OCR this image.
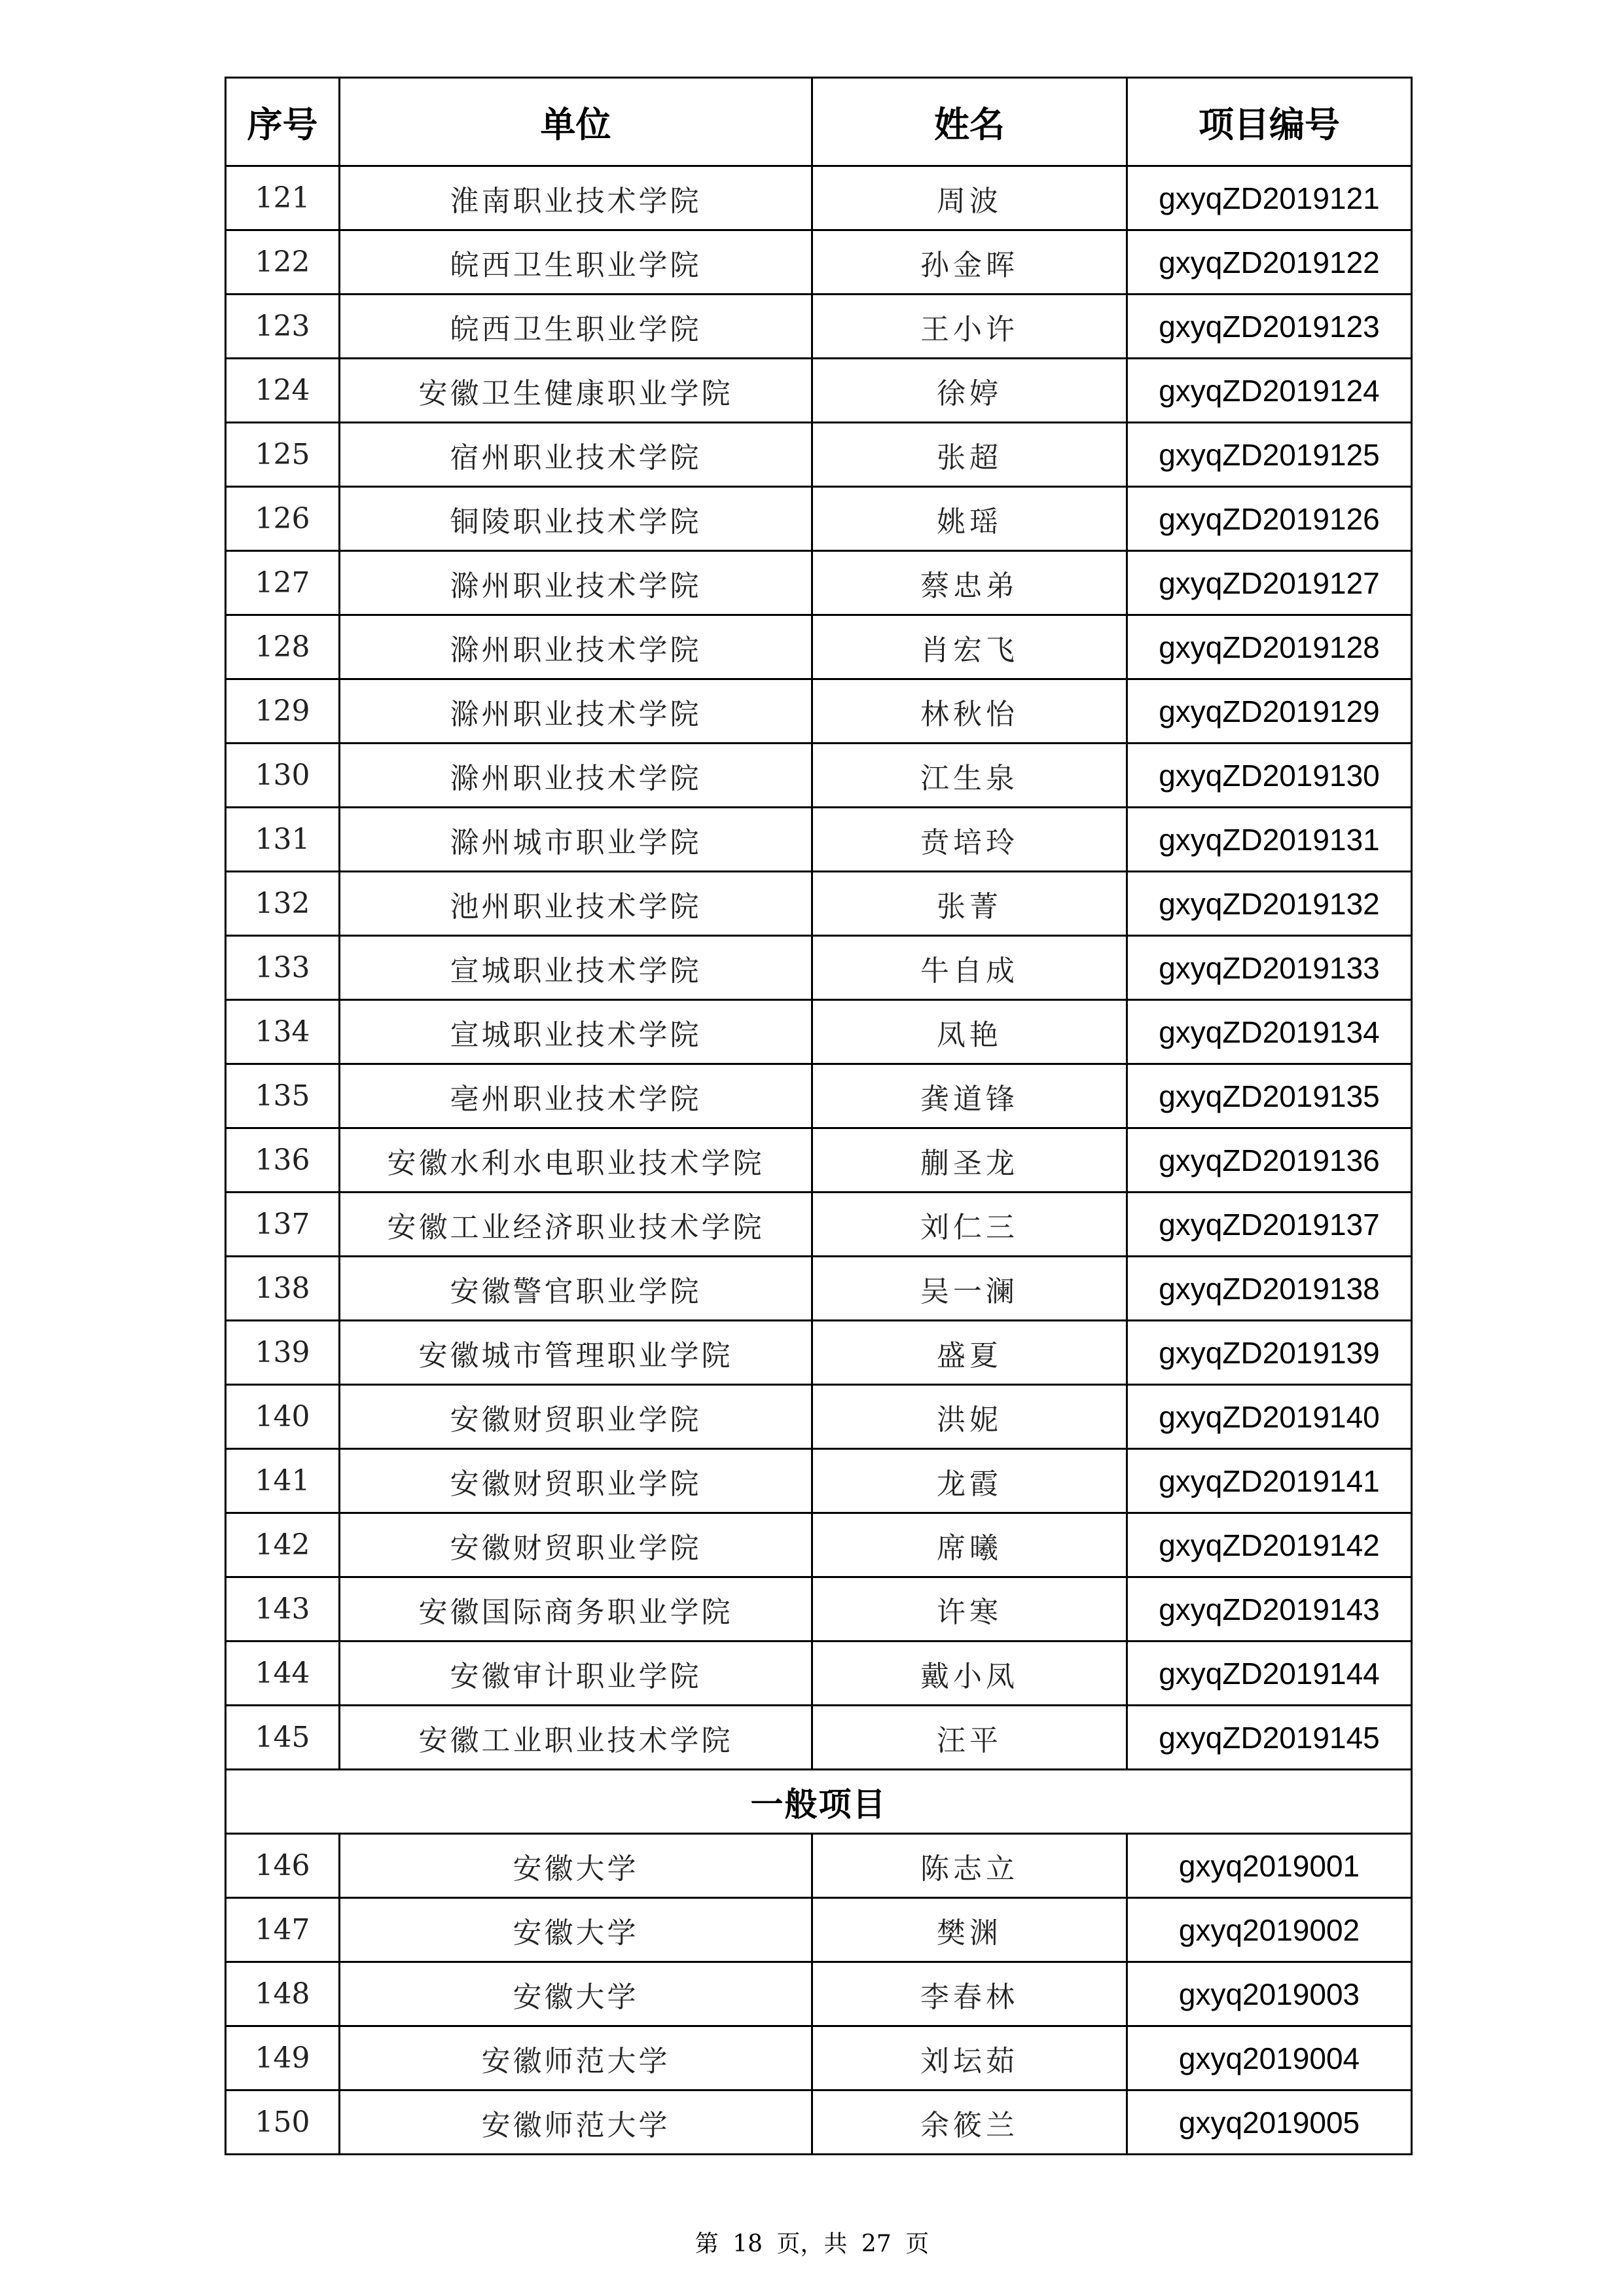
序号	单位	姓名	项目编号
121	淮南职业技术学院	周波	gxyqZD2019121
122	皖西卫生职业学院	孙金晖	gxyqZD2019122
123	皖西卫生职业学院	王小许	gxyqZD2019123
124	安徽卫生健康职业学院	徐婷	gxyqZD2019124
125	宿州职业技术学院	张超	gxyqZD2019125
126	铜陵职业技术学院	姚瑶	gxyqZD2019126
127	滁州职业技术学院	蔡忠弟	gxyqZD2019127
128	滁州职业技术学院	肖宏飞	gxyqZD2019128
129	滁州职业技术学院	林秋怡	gxyqZD2019129
130	滁州职业技术学院	江生泉	gxyqZD2019130
131	滁州城市职业学院	贲培玲	gxyqZD2019131
132	池州职业技术学院	张菁	gxyqZD2019132
133	宣城职业技术学院	牛自成	gxyqZD2019133
134	宣城职业技术学院	凤艳	gxyqZD2019134
135	亳州职业技术学院	龚道锋	gxyqZD2019135
136	安徽水利水电职业技术学院	蒯圣龙	gxyqZD2019136
137	安徽工业经济职业技术学院	刘仁三	gxyqZD2019137
138	安徽警官职业学院	吴一澜	gxyqZD2019138
139	安徽城市管理职业学院	盛夏	gxyqZD2019139
140	安徽财贸职业学院	洪妮	gxyqZD2019140
141	安徽财贸职业学院	龙霞	gxyqZD2019141
142	安徽财贸职业学院	席曦	gxyqZD2019142
143	安徽国际商务职业学院	许寒	gxyqZD2019143
144	安徽审计职业学院	戴小凤	gxyqZD2019144
145	安徽工业职业技术学院	汪平	gxyqZD2019145
一般项目			
146	安徽大学	陈志立	gxyq2019001
147	安徽大学	樊渊	gxyq2019002
148	安徽大学	李春林	gxyq2019003
149	安徽师范大学	刘坛茹	gxyq2019004
150	安徽师范大学	余筱兰	gxyq2019005
第 18 页，共 27 页
